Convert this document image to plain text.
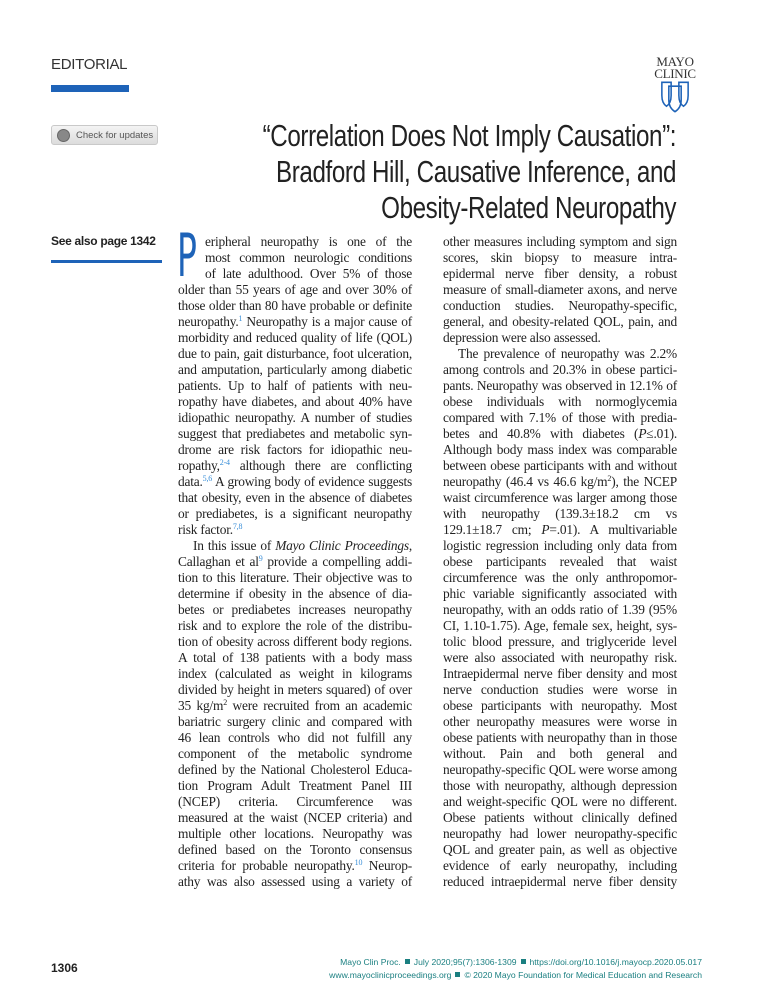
EDITORIAL	MAYO
CLINIC
Check for updates	“Correlation Does Not Imply Causation”:
Bradford Hill, Causative Inference, and
Obesity-Related Neuropathy
See also page 1342 P eripheral neuropathy is one of the
most common neurologic conditions
of late adulthood. Over 5% of those
older than 55 years of age and over 30% of
those older than 80 have probable or definite
neuropathy.$^1$ Neuropathy is a major cause of
morbidity and reduced quality of life (QOL)
due to pain, gait disturbance, foot ulceration,
and amputation, particularly among diabetic
patients. Up to half of patients with neu-
ropathy have diabetes, and about 40% have
idiopathic neuropathy. A number of studies
suggest that prediabetes and metabolic syn-
drome are risk factors for idiopathic neu-
ropathy,$^{2-4}$ although there are conflicting
data.$^{5,6}$ A growing body of evidence suggests
that obesity, even in the absence of diabetes
or prediabetes, is a significant neuropathy
risk factor.$^{7,8}$
In this issue of Mayo Clinic Proceedings,
Callaghan et $al^9$ provide a compelling addi-
tion to this literature. Their objective was to
determine if obesity in the absence of dia-
betes or prediabetes increases neuropathy
risk and to explore the role of the distribu-
tion of obesity across different body regions.
A total of 138 patients with a body mass
index (calculated as weight in kilograms
divided by height in meters squared) of over
35 $kg/m^2$ were recruited from an academic
bariatric surgery clinic and compared with
46 lean controls who did not fulfill any
component of the metabolic syndrome
defined by the National Cholesterol Educa-
tion Program Adult Treatment Panel III
(NCEP) criteria. Circumference was
measured at the waist (NCEP criteria) and
multiple other locations. Neuropathy was
defined based on the Toronto consensus
criteria for probable neuropathy.$^{10}$ Neurop-
athy was also assessed using a variety of
other measures including symptom and sign
scores, skin biopsy to measure intra-
epidermal nerve fiber density, a robust
measure of small-diameter axons, and nerve
conduction studies. Neuropathy-specific,
general, and obesity-related QOL, pain, and
depression were also assessed.
The prevalence of neuropathy was 2.2%
among controls and 20.3% in obese partici-
pants. Neuropathy was observed in 12.1% of
obese individuals with normoglycemia
compared with 7.1% of those with predia-
betes and 40.8% with diabetes (P≤.01).
Although body mass index was comparable
between obese participants with and without
neuropathy (46.4 vs 46.6 $kg/m^2$), the NCEP
waist circumference was larger among those
with neuropathy (139.3±18.2 cm vs
129.1±18.7 cm; P=.01). A multivariable
logistic regression including only data from
obese participants revealed that waist
circumference was the only anthropomor-
phic variable significantly associated with
neuropathy, with an odds ratio of 1.39 (95%
CI, 1.10-1.75). Age, female sex, height, sys-
tolic blood pressure, and triglyceride level
were also associated with neuropathy risk.
Intraepidermal nerve fiber density and most
nerve conduction studies were worse in
obese participants with neuropathy. Most
other neuropathy measures were worse in
obese patients with neuropathy than in those
without. Pain and both general and
neuropathy-specific QOL were worse among
those with neuropathy, although depression
and weight-specific QOL were no different.
Obese patients without clinically defined
neuropathy had lower neuropathy-specific
QOL and greater pain, as well as objective
evidence of early neuropathy, including
reduced intraepidermal nerve fiber density
1306	Mayo Clin Proc. July 2020;95(7):1306-1309 https://doi.org/10.1016/j.mayocp.2020.05.017
www.mayoclinicproceedings.org © 2020 Mayo Foundation for Medical Education and Research
